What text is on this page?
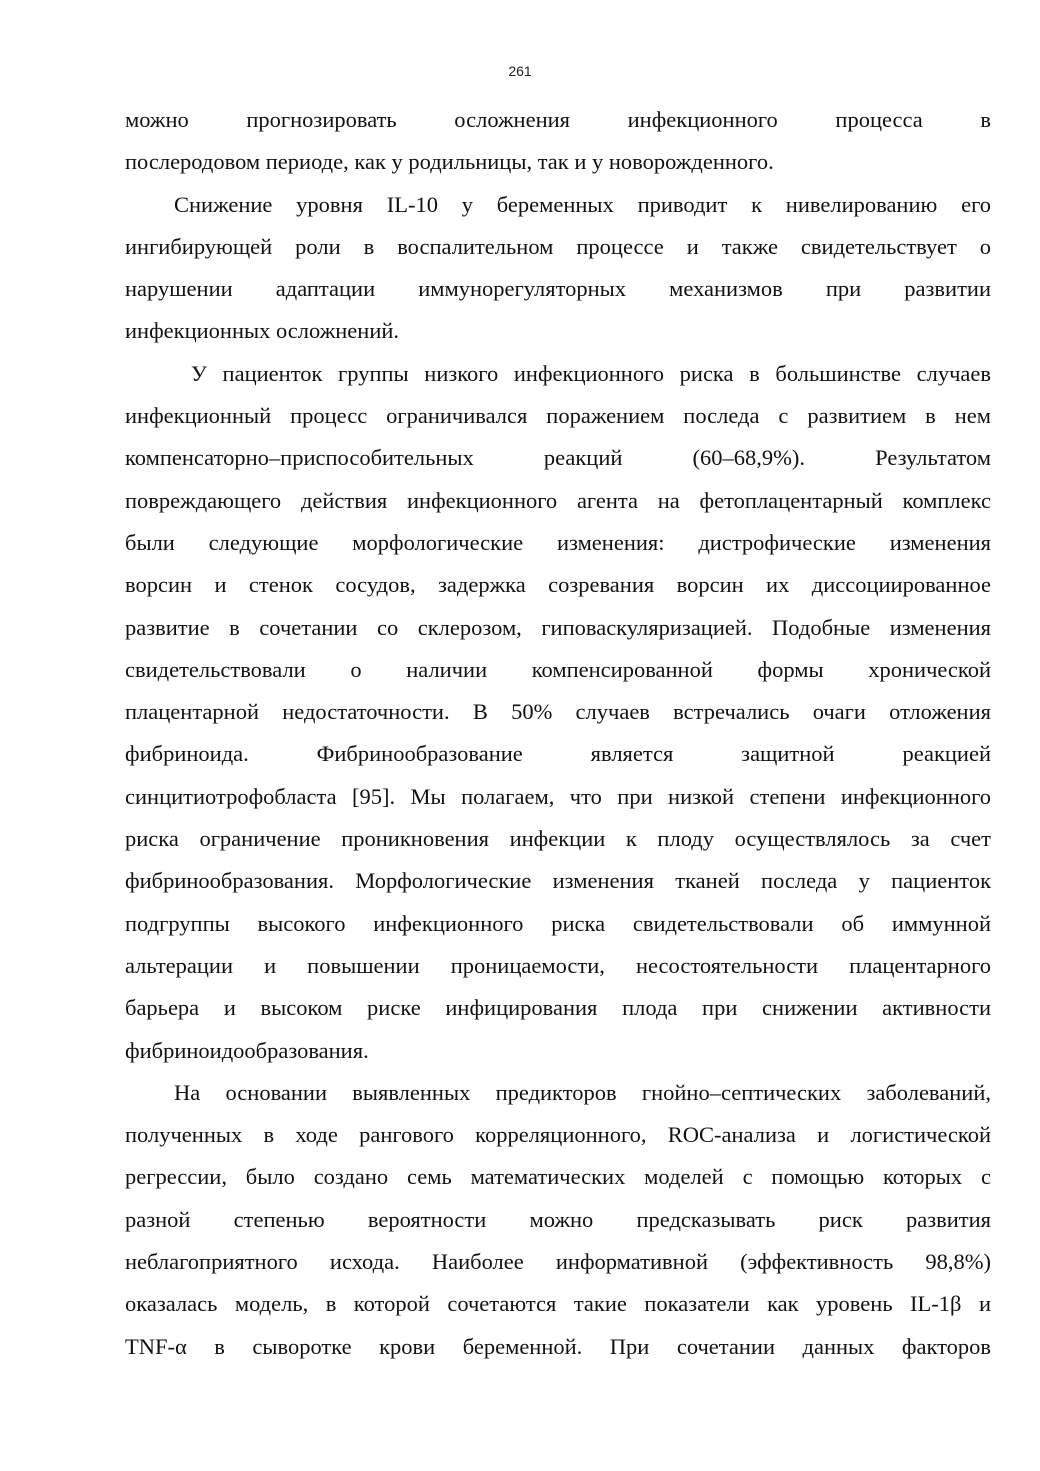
261

можно прогнозировать осложнения инфекционного процесса в
послеродовом периоде, как у родильницы, так и у новорожденного.

Снижение уровня IL-10 у беременных приводит к нивелированию его
ингибирующей роли в воспалительном процессе и также свидетельствует о
нарушении адаптации иммунорегуляторных механизмов при развитии
инфекционных осложнений.

У пациенток группы низкого инфекционного риска в большинстве случаев
инфекционный процесс ограничивался поражением последа с развитием в нем
компенсаторно–приспособительных реакций (60–68,9%). Результатом
повреждающего действия инфекционного агента на фетоплацентарный комплекс
были следующие морфологические изменения: дистрофические изменения
ворсин и стенок сосудов, задержка созревания ворсин их диссоциированное
развитие в сочетании со склерозом, гиповаскуляризацией. Подобные изменения
свидетельствовали о наличии компенсированной формы хронической
плацентарной недостаточности. В 50% случаев встречались очаги отложения
фибриноида. Фибринообразование является защитной реакцией
синцитиотрофобласта [95]. Мы полагаем, что при низкой степени инфекционного
риска ограничение проникновения инфекции к плоду осуществлялось за счет
фибринообразования. Морфологические изменения тканей последа у пациенток
подгруппы высокого инфекционного риска свидетельствовали об иммунной
альтерации и повышении проницаемости, несостоятельности плацентарного
барьера и высоком риске инфицирования плода при снижении активности
фибриноидообразования.

На основании выявленных предикторов гнойно–септических заболеваний,
полученных в ходе рангового корреляционного, ROC-анализа и логистической
регрессии, было создано семь математических моделей с помощью которых с
разной степенью вероятности можно предсказывать риск развития
неблагоприятного исхода. Наиболее информативной (эффективность 98,8%)
оказалась модель, в которой сочетаются такие показатели как уровень IL-1β и
TNF-α в сыворотке крови беременной. При сочетании данных факторов
